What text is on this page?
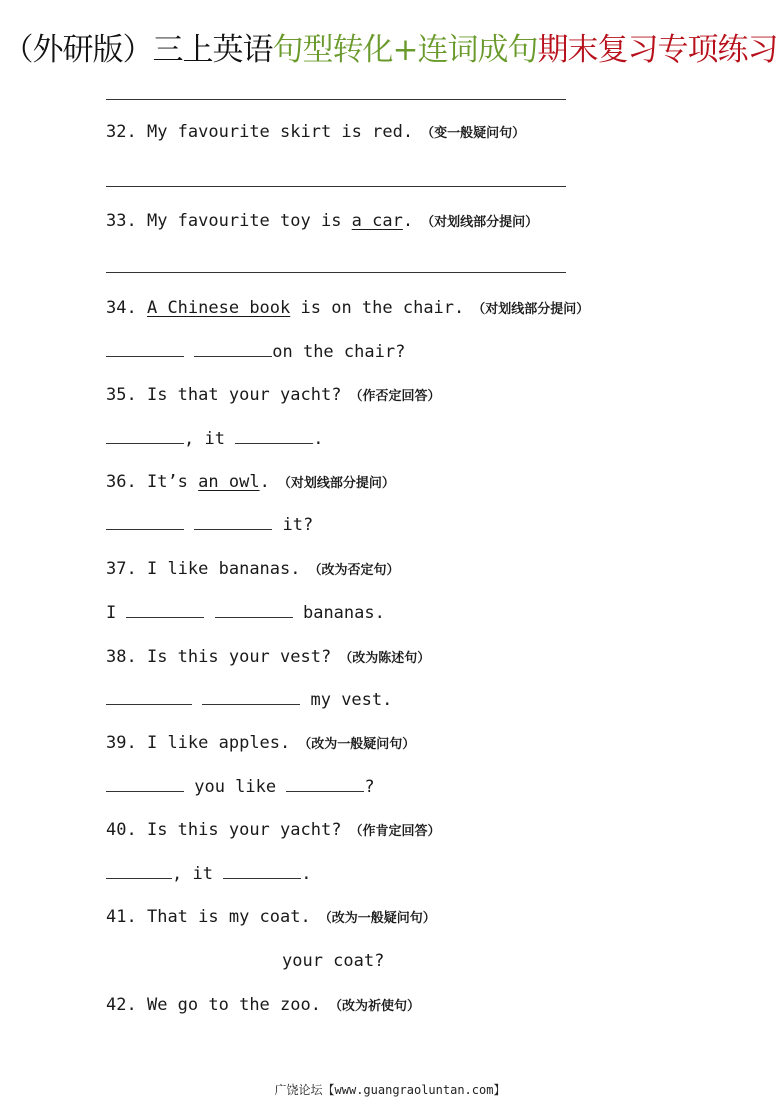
（外研版）三上英语句型转化+连词成句期末复习专项练习
32. My favourite skirt is red. （变一般疑问句）
33. My favourite toy is a car. （对划线部分提问）
34. A Chinese book is on the chair. （对划线部分提问）
on the chair?
35. Is that your yacht? （作否定回答）
, it	.
36. It’s an owl. （对划线部分提问）
it?
37. I like bananas. （改为否定句）
I	bananas.
38. Is this your vest? （改为陈述句）
my vest.
39. I like apples. （改为一般疑问句）
you like	?
40. Is this your yacht? （作肯定回答）
, it	.
41. That is my coat. （改为一般疑问句）
your coat?
42. We go to the zoo. （改为祈使句）
广饶论坛【www.guangraoluntan.com】
